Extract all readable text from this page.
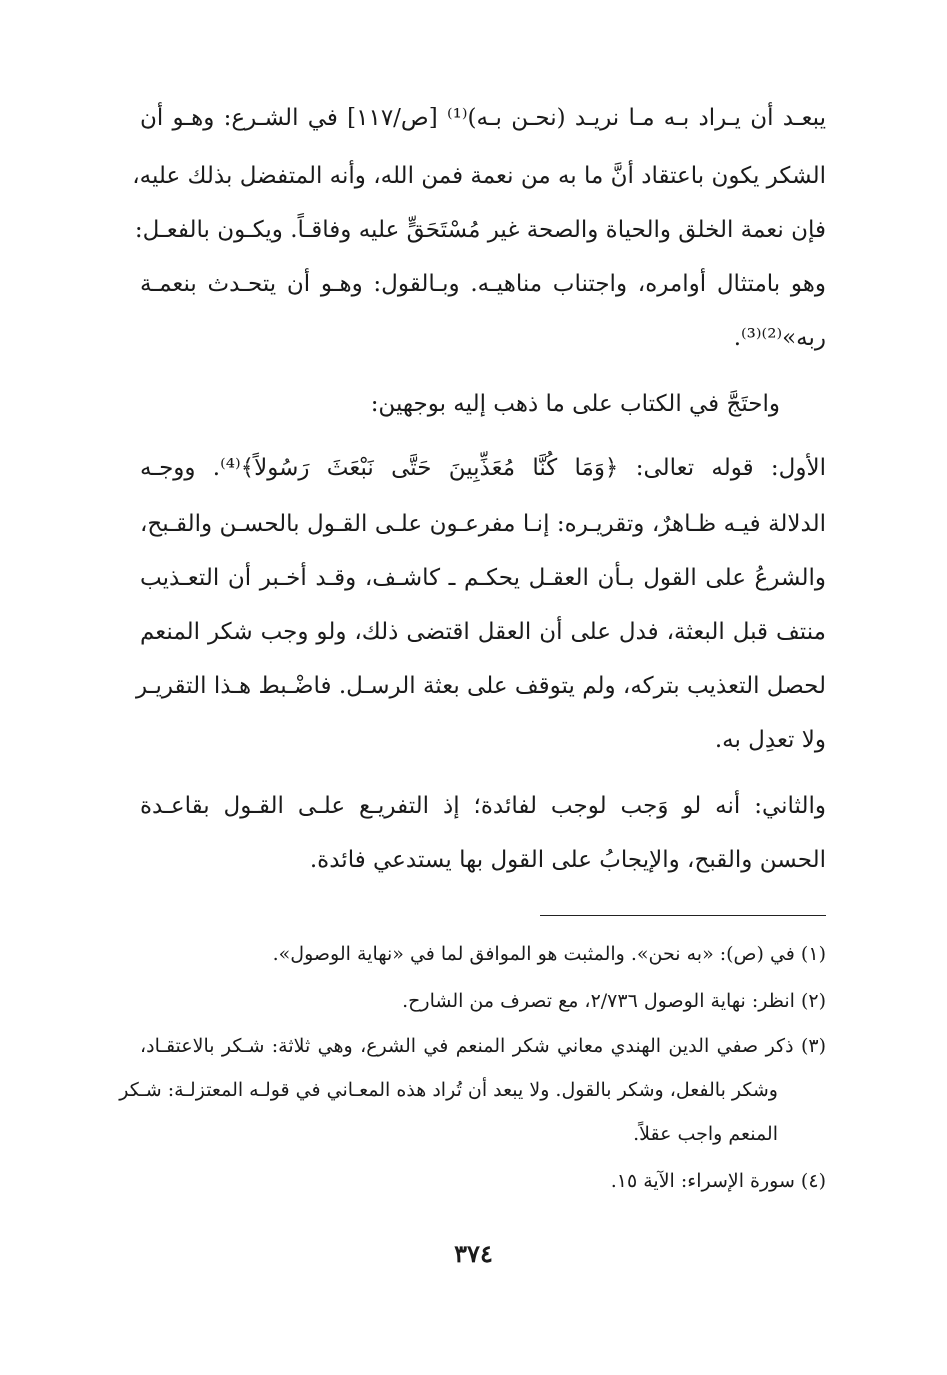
يبعـد أن يـراد بـه مـا نريـد (نحـن بـه)⁽¹⁾ [ص/١١٧] في الشـرع: وهـو أن
الشكر يكون باعتقاد أنَّ ما به من نعمة فمن الله، وأنه المتفضل بذلك عليه،
فإن نعمة الخلق والحياة والصحة غير مُسْتَحَقٍّ عليه وفاقـاً. ويكـون بالفعـل:
وهو بامتثال أوامره، واجتناب مناهيـه. وبـالقول: وهـو أن يتحـدث بنعمـة
ربه»⁽²⁾⁽³⁾.
واحتَجَّ في الكتاب على ما ذهب إليه بوجهين:
الأول: قوله تعالى: ﴿وَمَا كُنَّا مُعَذِّبِينَ حَتَّى نَبْعَثَ رَسُولاً﴾⁽⁴⁾. ووجـه
الدلالة فيـه ظـاهرٌ، وتقريـره: إنـا مفرعـون علـى القـول بالحسـن والقـبح،
والشرعُ على القول بـأن العقـل يحكـم ـ كاشـف، وقـد أخـبر أن التعـذيب
منتف قبل البعثة، فدل على أن العقل اقتضى ذلك، ولو وجب شكر المنعم
لحصل التعذيب بتركه، ولم يتوقف على بعثة الرسـل. فاضْـبط هـذا التقريـر
ولا تعدِل به.
والثاني: أنه لو وَجب لوجب لفائدة؛ إذ التفريـع علـى القـول بقاعـدة
الحسن والقبح، والإيجابُ على القول بها يستدعي فائدة.
(١) في (ص): «به نحن». والمثبت هو الموافق لما في «نهاية الوصول».
(٢) انظر: نهاية الوصول ٢/٧٣٦، مع تصرف من الشارح.
(٣) ذكر صفي الدين الهندي معاني شكر المنعم في الشرع، وهي ثلاثة: شـكر بالاعتقـاد،
وشكر بالفعل، وشكر بالقول. ولا يبعد أن تُراد هذه المعـاني في قولـه المعتزلـة: شـكر
المنعم واجب عقلاً.
(٤) سورة الإسراء: الآية ١٥.
٣٧٤
